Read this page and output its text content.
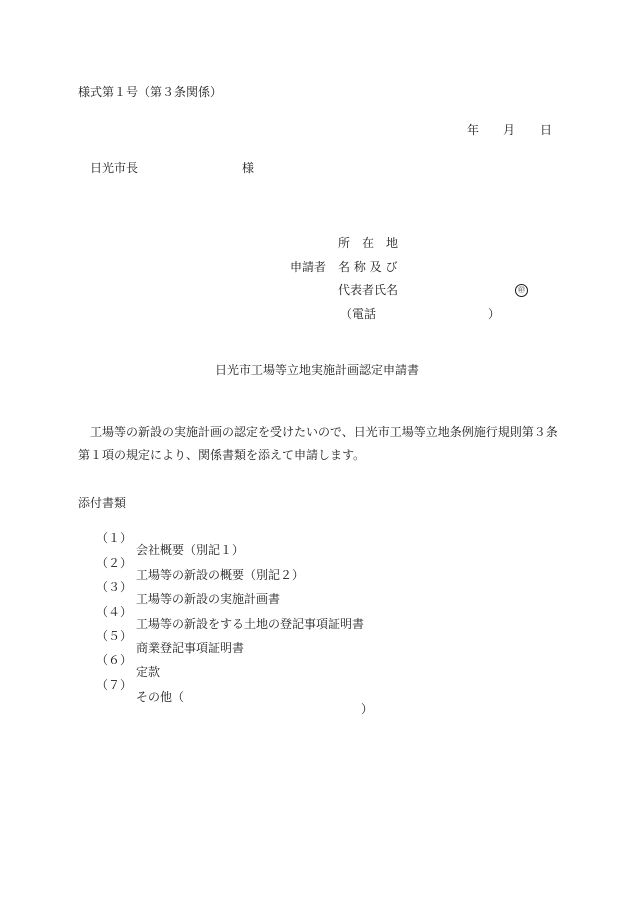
様式第１号（第３条関係）
年 月 日
日光市長	様
所　在　地
申請者 名 称 及 び
代表者氏名	㊞
（電話	）
日光市工場等立地実施計画認定申請書
工場等の新設の実施計画の認定を受けたいので、日光市工場等立地条例施行規則第３条
第１項の規定により、関係書類を添えて申請します。
添付書類

（１）

会社概要（別記１）

（２）

工場等の新設の概要（別記２）

（３）

工場等の新設の実施計画書

（４）

工場等の新設をする土地の登記事項証明書

（５）

商業登記事項証明書

（６）

定款

（７）

その他（

）
